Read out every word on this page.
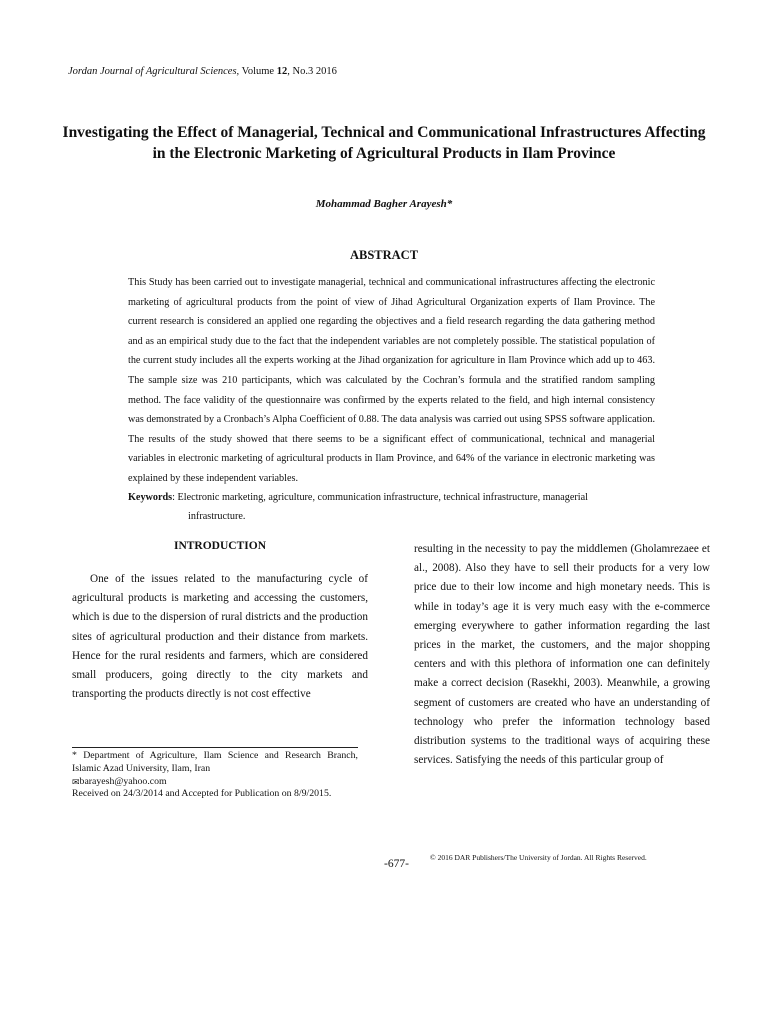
Jordan Journal of Agricultural Sciences, Volume 12, No.3 2016
Investigating the Effect of Managerial, Technical and Communicational Infrastructures Affecting in the Electronic Marketing of Agricultural Products in Ilam Province
Mohammad Bagher Arayesh*
ABSTRACT
This Study has been carried out to investigate managerial, technical and communicational infrastructures affecting the electronic marketing of agricultural products from the point of view of Jihad Agricultural Organization experts of Ilam Province. The current research is considered an applied one regarding the objectives and a field research regarding the data gathering method and as an empirical study due to the fact that the independent variables are not completely possible. The statistical population of the current study includes all the experts working at the Jihad organization for agriculture in Ilam Province which add up to 463. The sample size was 210 participants, which was calculated by the Cochran’s formula and the stratified random sampling method. The face validity of the questionnaire was confirmed by the experts related to the field, and high internal consistency was demonstrated by a Cronbach’s Alpha Coefficient of 0.88. The data analysis was carried out using SPSS software application. The results of the study showed that there seems to be a significant effect of communicational, technical and managerial variables in electronic marketing of agricultural products in Ilam Province, and 64% of the variance in electronic marketing was explained by these independent variables.
Keywords: Electronic marketing, agriculture, communication infrastructure, technical infrastructure, managerial
infrastructure.
INTRODUCTION

One of the issues related to the manufacturing cycle of agricultural products is marketing and accessing the customers, which is due to the dispersion of rural districts and the production sites of agricultural production and their distance from markets. Hence for the rural residents and farmers, which are considered small producers, going directly to the city markets and transporting the products directly is not cost effective

resulting in the necessity to pay the middlemen (Gholamrezaee et al., 2008). Also they have to sell their products for a very low price due to their low income and high monetary needs. This is while in today’s age it is very much easy with the e-commerce emerging everywhere to gather information regarding the last prices in the market, the customers, and the major shopping centers and with this plethora of information one can definitely make a correct decision (Rasekhi, 2003). Meanwhile, a growing segment of customers are created who have an understanding of technology who prefer the information technology based distribution systems to the traditional ways of acquiring these services. Satisfying the needs of this particular group of

* Department of Agriculture, Ilam Science and Research Branch, Islamic Azad University, Ilam, Iran

✉barayesh@yahoo.com

Received on 24/3/2014 and Accepted for Publication on 8/9/2015.

-677-
© 2016 DAR Publishers/The University of Jordan. All Rights Reserved.
